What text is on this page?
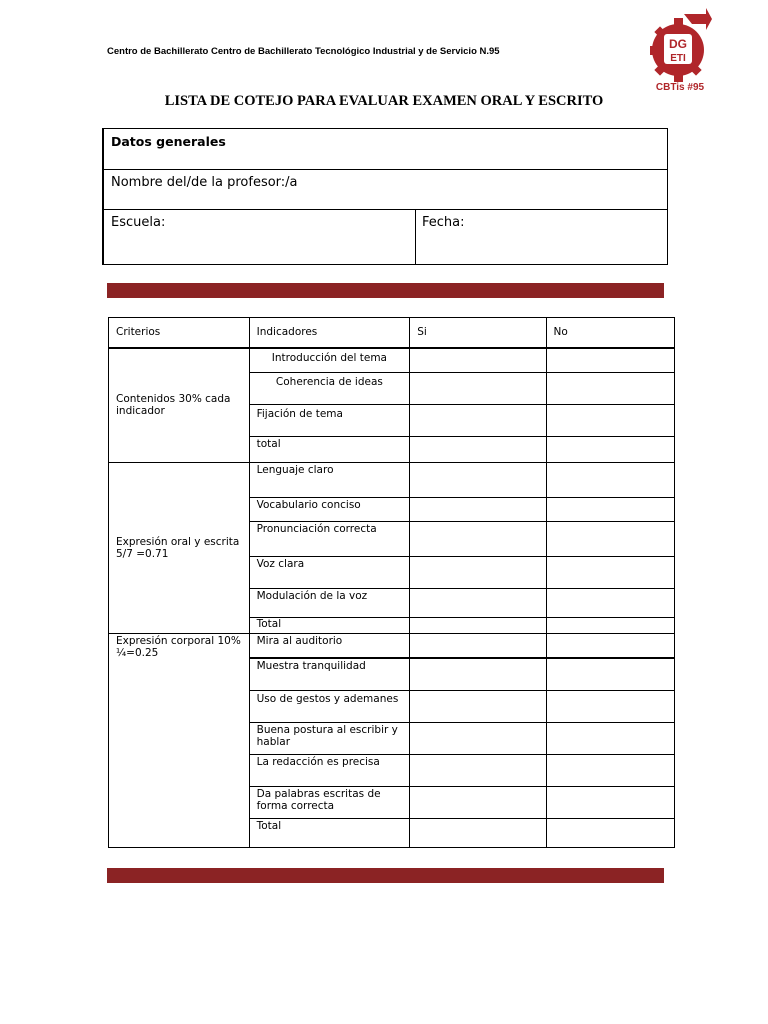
Centro de Bachillerato Centro de Bachillerato Tecnológico Industrial y de Servicio N.95
DG
ETI
CBTis #95
LISTA DE COTEJO PARA EVALUAR EXAMEN ORAL Y ESCRITO
Datos generales
Nombre del/de la profesor:/a
Escuela:	Fecha:
Criterios	Indicadores	Si	No

Contenidos 30% cada indicador	Introducción del tema		

	Coherencia de ideas		

	Fijación de tema		

	total		

Expresión oral y escrita 5/7 =0.71	Lenguaje claro		

	Vocabulario conciso		

	Pronunciación correcta		

	Voz clara		

	Modulación de la voz		

	Total		

Expresión corporal 10% ¼=0.25	Mira al auditorio		

	Muestra tranquilidad		

	Uso de gestos y ademanes		

	Buena postura al escribir y hablar		

	La redacción es precisa		

	Da palabras escritas de forma correcta		

	Total		
